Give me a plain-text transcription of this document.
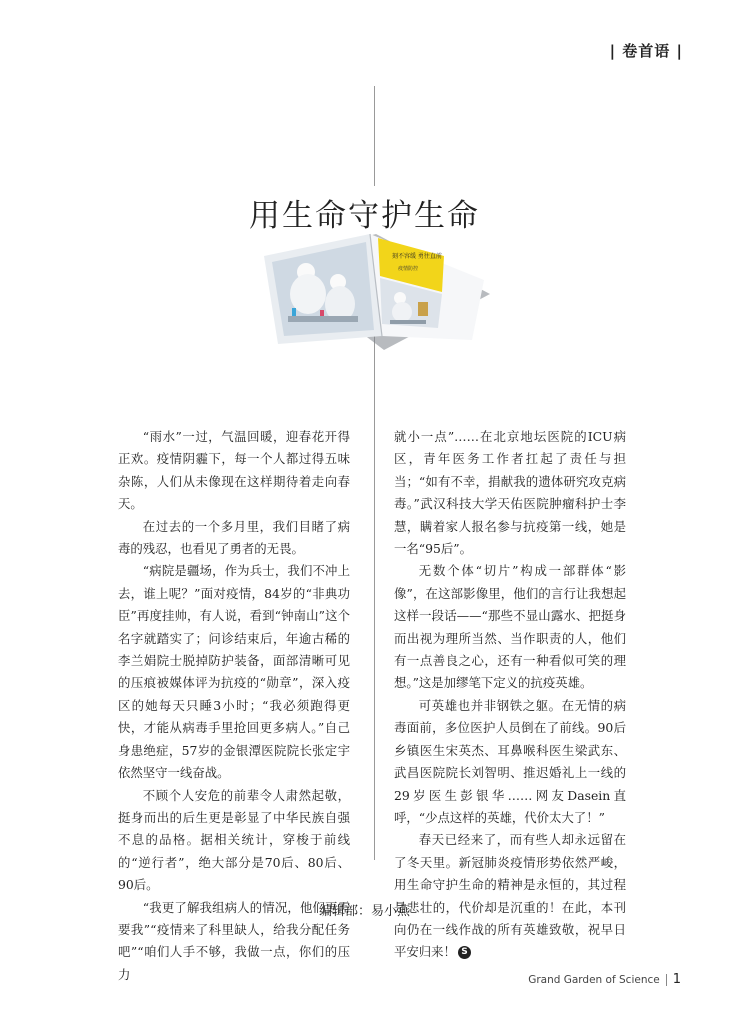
| 卷首语 |
用生命守护生命
刻不容缓 勇往直前
疫情防控

“雨水”一过，气温回暖，迎春花开得正欢。疫情阴霾下，每一个人都过得五味杂陈，人们从未像现在这样期待着走向春天。

在过去的一个多月里，我们目睹了病毒的残忍，也看见了勇者的无畏。

“病院是疆场，作为兵士，我们不冲上去，谁上呢？”面对疫情，84岁的“非典功臣”再度挂帅，有人说，看到“钟南山”这个名字就踏实了；问诊结束后，年逾古稀的李兰娟院士脱掉防护装备，面部清晰可见的压痕被媒体评为抗疫的“勋章”，深入疫区的她每天只睡3小时；“我必须跑得更快，才能从病毒手里抢回更多病人。”自己身患绝症，57岁的金银潭医院院长张定宇依然坚守一线奋战。

不顾个人安危的前辈令人肃然起敬，挺身而出的后生更是彰显了中华民族自强不息的品格。据相关统计，穿梭于前线的“逆行者”，绝大部分是70后、80后、90后。

“我更了解我组病人的情况，他们更需要我”“疫情来了科里缺人，给我分配任务吧”“咱们人手不够，我做一点，你们的压力

就小一点”……在北京地坛医院的ICU病区，青年医务工作者扛起了责任与担当；“如有不幸，捐献我的遗体研究攻克病毒。”武汉科技大学天佑医院肿瘤科护士李慧，瞒着家人报名参与抗疫第一线，她是一名“95后”。

无数个体“切片”构成一部群体“影像”，在这部影像里，他们的言行让我想起这样一段话——“那些不显山露水、把挺身而出视为理所当然、当作职责的人，他们有一点善良之心，还有一种看似可笑的理想。”这是加缪笔下定义的抗疫英雄。

可英雄也并非钢铁之躯。在无情的病毒面前，多位医护人员倒在了前线。90后乡镇医生宋英杰、耳鼻喉科医生梁武东、武昌医院院长刘智明、推迟婚礼上一线的29岁医生彭银华……网友Dasein直呼，“少点这样的英雄，代价太大了！”

春天已经来了，而有些人却永远留在了冬天里。新冠肺炎疫情形势依然严峻，用生命守护生命的精神是永恒的，其过程是悲壮的，代价却是沉重的！在此，本刊向仍在一线作战的所有英雄致敬，祝早日平安归来！ S

编辑部：易小燕
Grand Garden of Science 1
